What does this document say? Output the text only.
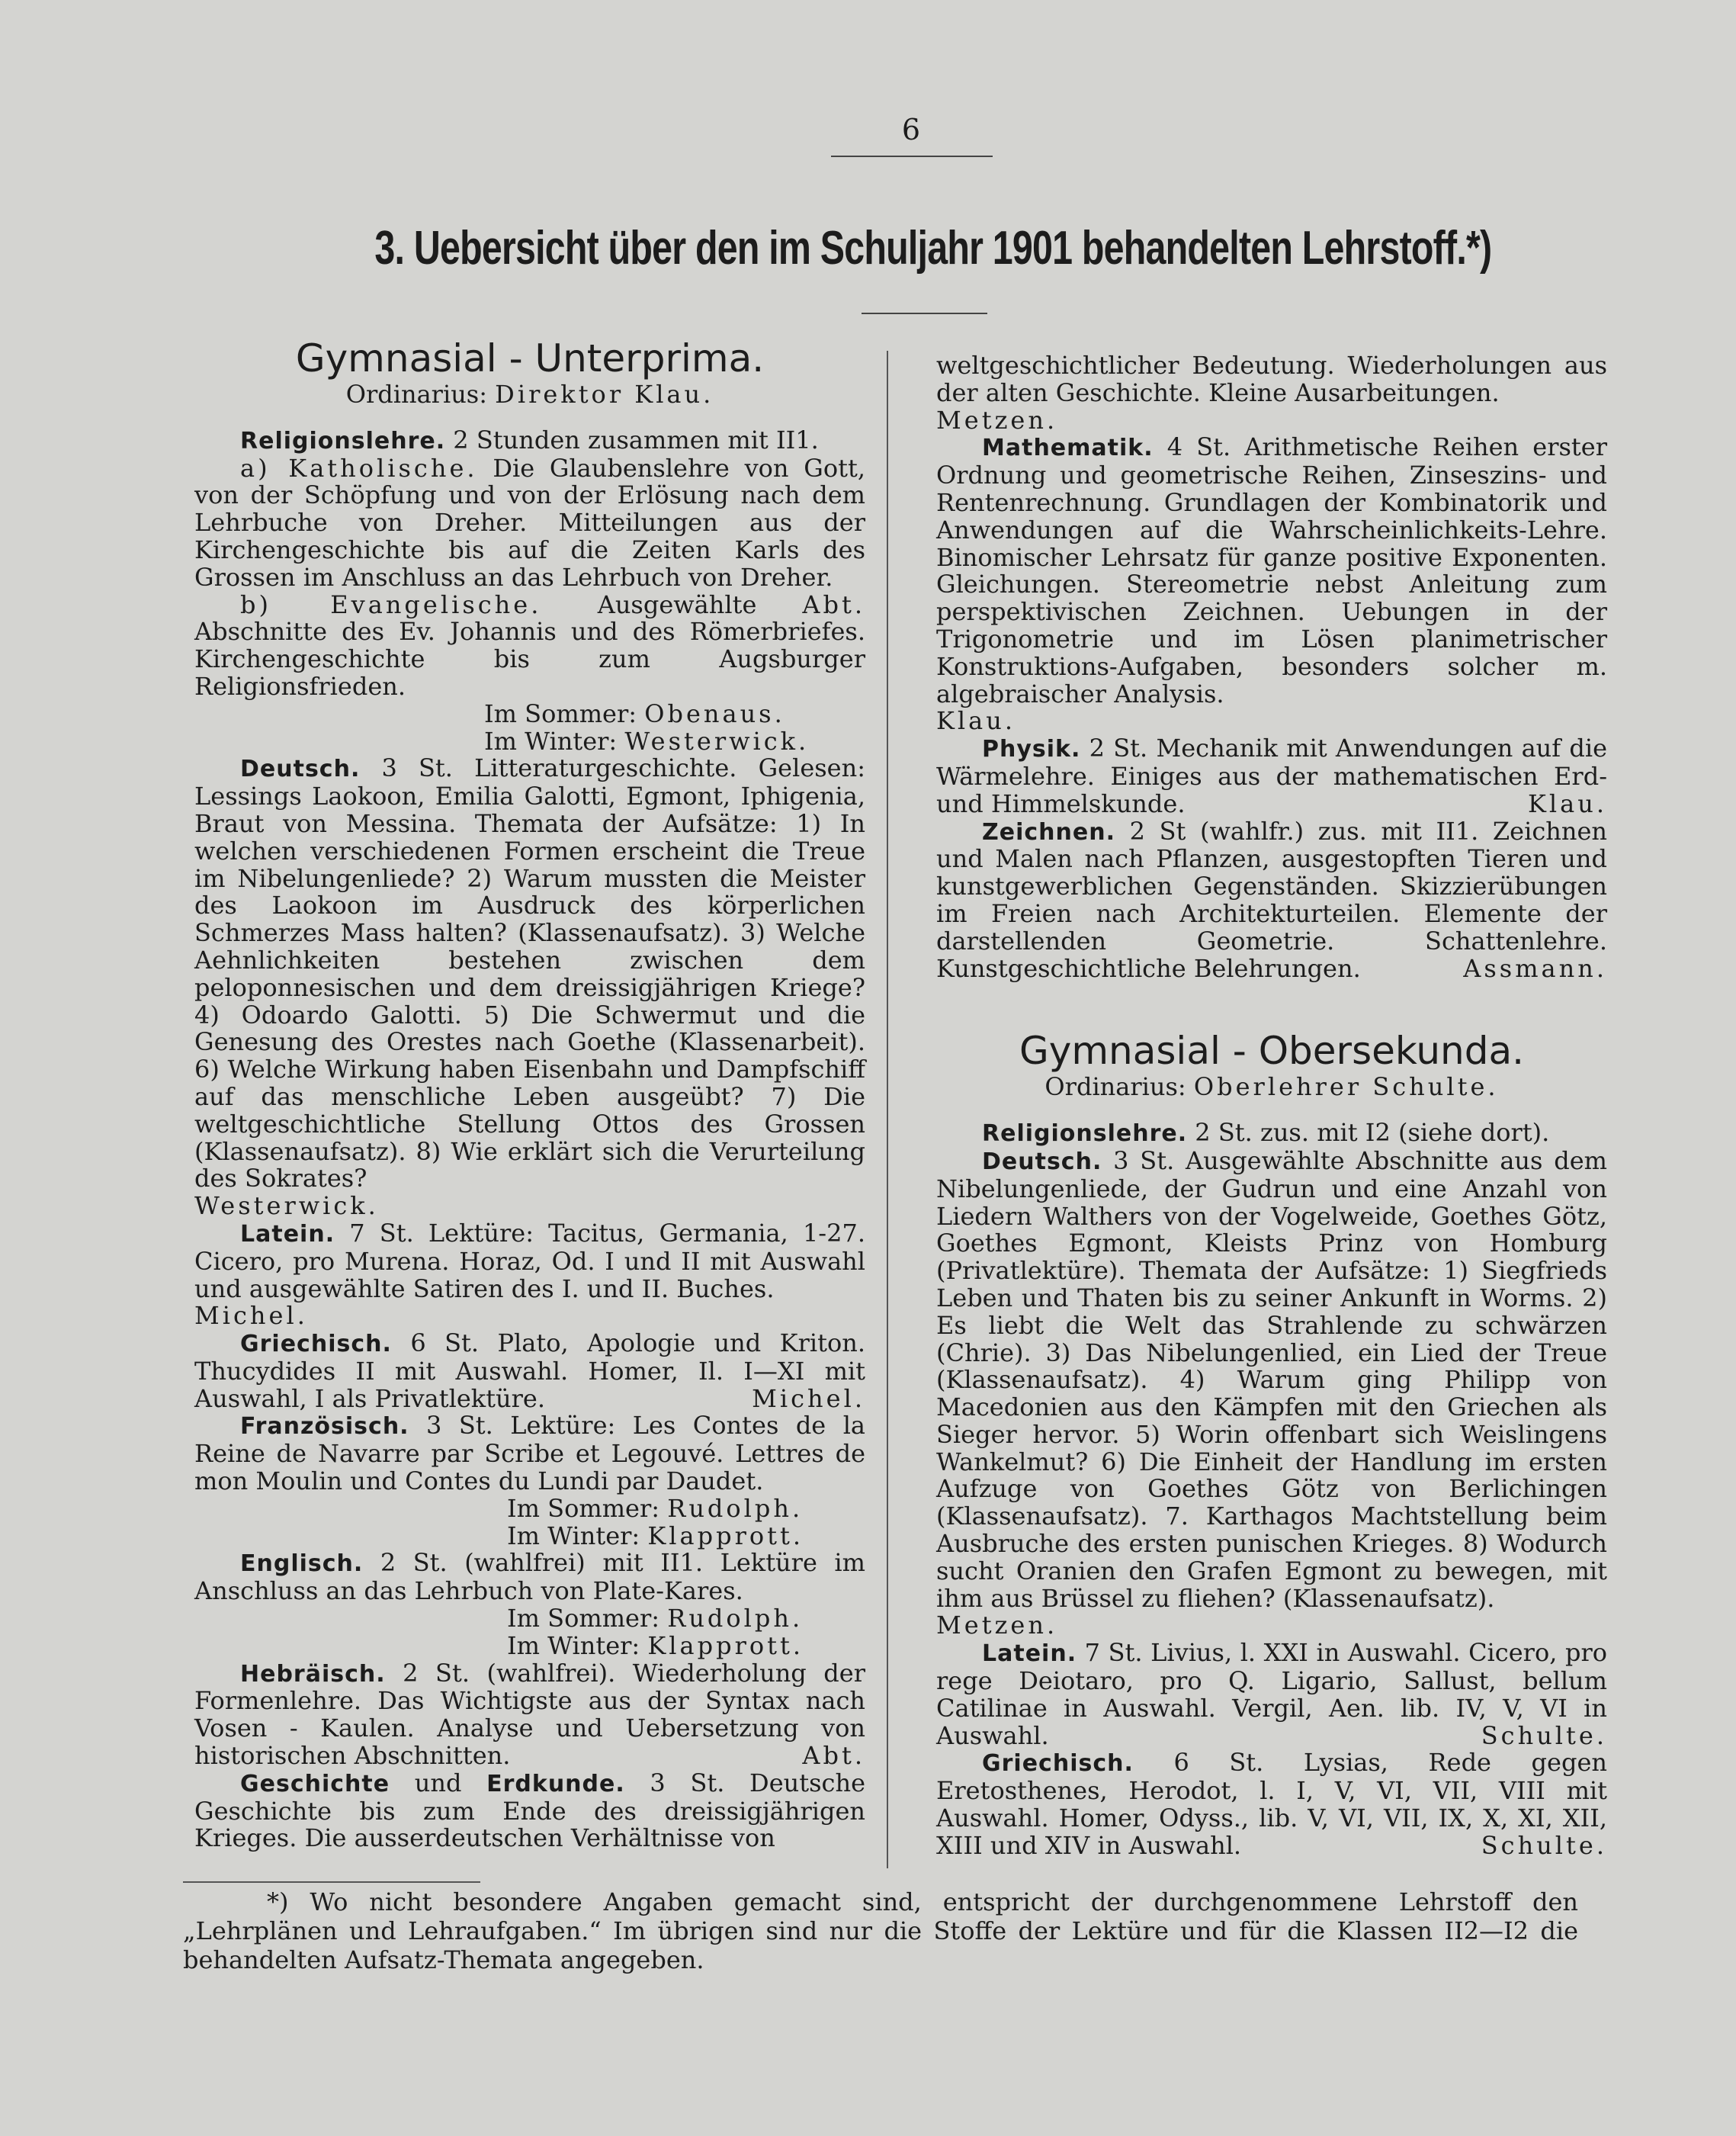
6
3. Uebersicht über den im Schuljahr 1901 behandelten Lehrstoff.*)

Gymnasial - Unterprima.

Ordinarius: Direktor Klau.

Religionslehre. 2 Stunden zusammen mit II1.

a) Katholische. Die Glaubenslehre von Gott, von der Schöpfung und von der Erlösung nach dem Lehrbuche von Dreher. Mitteilungen aus der Kirchengeschichte bis auf die Zeiten Karls des Grossen im Anschluss an das Lehrbuch von Dreher.
Abt.

b) Evangelische. Ausgewählte Abschnitte des Ev. Johannis und des Römerbriefes. Kirchengeschichte bis zum Augsburger Religionsfrieden.

Im Sommer: Obenaus.

Im Winter: Westerwick.

Deutsch. 3 St. Litteraturgeschichte. Gelesen: Lessings Laokoon, Emilia Galotti, Egmont, Iphigenia, Braut von Messina. Themata der Aufsätze: 1) In welchen verschiedenen Formen erscheint die Treue im Nibelungenliede? 2) Warum mussten die Meister des Laokoon im Ausdruck des körperlichen Schmerzes Mass halten? (Klassenaufsatz). 3) Welche Aehnlichkeiten bestehen zwischen dem peloponnesischen und dem dreissigjährigen Kriege? 4) Odoardo Galotti. 5) Die Schwermut und die Genesung des Orestes nach Goethe (Klassenarbeit). 6) Welche Wirkung haben Eisenbahn und Dampfschiff auf das menschliche Leben ausgeübt? 7) Die weltgeschichtliche Stellung Ottos des Grossen (Klassenaufsatz). 8) Wie erklärt sich die Verurteilung des Sokrates?

Westerwick.

Latein. 7 St. Lektüre: Tacitus, Germania, 1-27. Cicero, pro Murena. Horaz, Od. I und II mit Auswahl und ausgewählte Satiren des I. und II. Buches.

Michel.

Griechisch. 6 St. Plato, Apologie und Kriton. Thucydides II mit Auswahl. Homer, Il. I—XI mit Auswahl, I als Privatlektüre.	Michel.

Französisch. 3 St. Lektüre: Les Contes de la Reine de Navarre par Scribe et Legouvé. Lettres de mon Moulin und Contes du Lundi par Daudet.

Im Sommer: Rudolph.

Im Winter: Klapprott.

Englisch. 2 St. (wahlfrei) mit II1. Lektüre im Anschluss an das Lehrbuch von Plate-Kares.

Im Sommer: Rudolph.

Im Winter: Klapprott.

Hebräisch. 2 St. (wahlfrei). Wiederholung der Formenlehre. Das Wichtigste aus der Syntax nach Vosen - Kaulen. Analyse und Uebersetzung von historischen Abschnitten.	Abt.

Geschichte und Erdkunde. 3 St. Deutsche Geschichte bis zum Ende des dreissigjährigen Krieges. Die ausserdeutschen Verhältnisse von

weltgeschichtlicher Bedeutung. Wiederholungen aus der alten Geschichte. Kleine Ausarbeitungen.

Metzen.

Mathematik. 4 St. Arithmetische Reihen erster Ordnung und geometrische Reihen, Zinseszins- und Rentenrechnung. Grundlagen der Kombinatorik und Anwendungen auf die Wahrscheinlichkeits-Lehre. Binomischer Lehrsatz für ganze positive Exponenten. Gleichungen. Stereometrie nebst Anleitung zum perspektivischen Zeichnen. Uebungen in der Trigonometrie und im Lösen planimetrischer Konstruktions-Aufgaben, besonders solcher m. algebraischer Analysis.

Klau.

Physik. 2 St. Mechanik mit Anwendungen auf die Wärmelehre. Einiges aus der mathematischen Erd- und Himmelskunde.	Klau.

Zeichnen. 2 St (wahlfr.) zus. mit II1. Zeichnen und Malen nach Pflanzen, ausgestopften Tieren und kunstgewerblichen Gegenständen. Skizzierübungen im Freien nach Architekturteilen. Elemente der darstellenden Geometrie. Schattenlehre. Kunstgeschichtliche Belehrungen.	Assmann.

Gymnasial - Obersekunda.

Ordinarius: Oberlehrer Schulte.

Religionslehre. 2 St. zus. mit I2 (siehe dort).

Deutsch. 3 St. Ausgewählte Abschnitte aus dem Nibelungenliede, der Gudrun und eine Anzahl von Liedern Walthers von der Vogelweide, Goethes Götz, Goethes Egmont, Kleists Prinz von Homburg (Privatlektüre). Themata der Aufsätze: 1) Siegfrieds Leben und Thaten bis zu seiner Ankunft in Worms. 2) Es liebt die Welt das Strahlende zu schwärzen (Chrie). 3) Das Nibelungenlied, ein Lied der Treue (Klassenaufsatz). 4) Warum ging Philipp von Macedonien aus den Kämpfen mit den Griechen als Sieger hervor. 5) Worin offenbart sich Weislingens Wankelmut? 6) Die Einheit der Handlung im ersten Aufzuge von Goethes Götz von Berlichingen (Klassenaufsatz). 7. Karthagos Machtstellung beim Ausbruche des ersten punischen Krieges. 8) Wodurch sucht Oranien den Grafen Egmont zu bewegen, mit ihm aus Brüssel zu fliehen? (Klassenaufsatz).

Metzen.

Latein. 7 St. Livius, l. XXI in Auswahl. Cicero, pro rege Deiotaro, pro Q. Ligario, Sallust, bellum Catilinae in Auswahl. Vergil, Aen. lib. IV, V, VI in Auswahl.	Schulte.

Griechisch. 6 St. Lysias, Rede gegen Eretosthenes, Herodot, l. I, V, VI, VII, VIII mit Auswahl. Homer, Odyss., lib. V, VI, VII, IX, X, XI, XII, XIII und XIV in Auswahl.	Schulte.

*) Wo nicht besondere Angaben gemacht sind, entspricht der durchgenommene Lehrstoff den „Lehrplänen und Lehraufgaben.“ Im übrigen sind nur die Stoffe der Lektüre und für die Klassen II2—I2 die behandelten Aufsatz-Themata angegeben.
